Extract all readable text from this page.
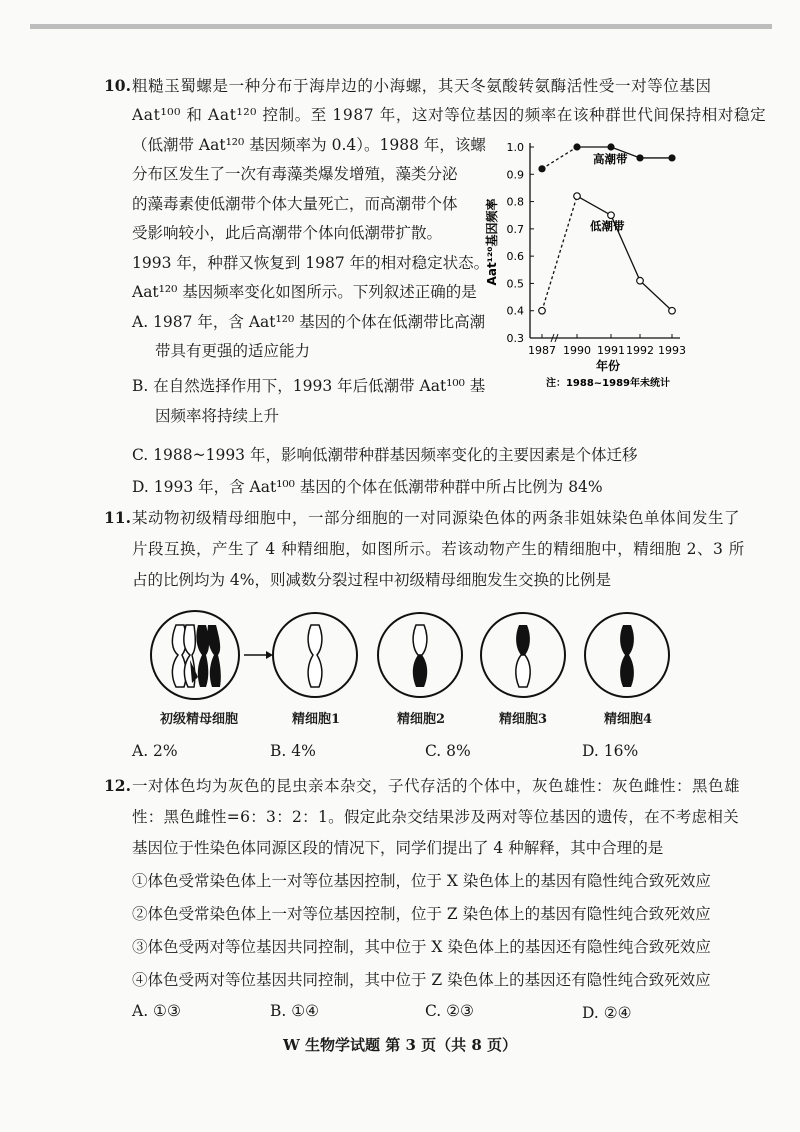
10. 粗糙玉蜀螺是一种分布于海岸边的小海螺，其天冬氨酸转氨酶活性受一对等位基因
Aat¹⁰⁰ 和 Aat¹²⁰ 控制。至 1987 年，这对等位基因的频率在该种群世代间保持相对稳定
（低潮带 Aat¹²⁰ 基因频率为 0.4）。1988 年，该螺
分布区发生了一次有毒藻类爆发增殖，藻类分泌
的藻毒素使低潮带个体大量死亡，而高潮带个体
受影响较小，此后高潮带个体向低潮带扩散。
1993 年，种群又恢复到 1987 年的相对稳定状态。
Aat¹²⁰ 基因频率变化如图所示。下列叙述正确的是
A. 1987 年，含 Aat¹²⁰ 基因的个体在低潮带比高潮
带具有更强的适应能力
B. 在自然选择作用下，1993 年后低潮带 Aat¹⁰⁰ 基
因频率将持续上升
C. 1988~1993 年，影响低潮带种群基因频率变化的主要因素是个体迁移
D. 1993 年，含 Aat¹⁰⁰ 基因的个体在低潮带种群中所占比例为 84%
1.0
0.9
0.8
0.7
0.6
0.5
0.4
0.3
1987 1990 1991 1992 1993
年份
Aat¹²⁰基因频率
注：1988~1989年未统计
高潮带
低潮带
11. 某动物初级精母细胞中，一部分细胞的一对同源染色体的两条非姐妹染色单体间发生了
片段互换，产生了 4 种精细胞，如图所示。若该动物产生的精细胞中，精细胞 2、3 所
占的比例均为 4%，则减数分裂过程中初级精母细胞发生交换的比例是
初级精母细胞	精细胞1	精细胞2	精细胞3	精细胞4
A. 2%	B. 4%	C. 8%	D. 16%
12. 一对体色均为灰色的昆虫亲本杂交，子代存活的个体中，灰色雄性：灰色雌性：黑色雄
性：黑色雌性=6：3：2：1。假定此杂交结果涉及两对等位基因的遗传，在不考虑相关
基因位于性染色体同源区段的情况下，同学们提出了 4 种解释，其中合理的是
①体色受常染色体上一对等位基因控制，位于 X 染色体上的基因有隐性纯合致死效应
②体色受常染色体上一对等位基因控制，位于 Z 染色体上的基因有隐性纯合致死效应
③体色受两对等位基因共同控制，其中位于 X 染色体上的基因还有隐性纯合致死效应
④体色受两对等位基因共同控制，其中位于 Z 染色体上的基因还有隐性纯合致死效应
A. ①③	B. ①④	C. ②③	D. ②④
W 生物学试题 第 3 页（共 8 页）
